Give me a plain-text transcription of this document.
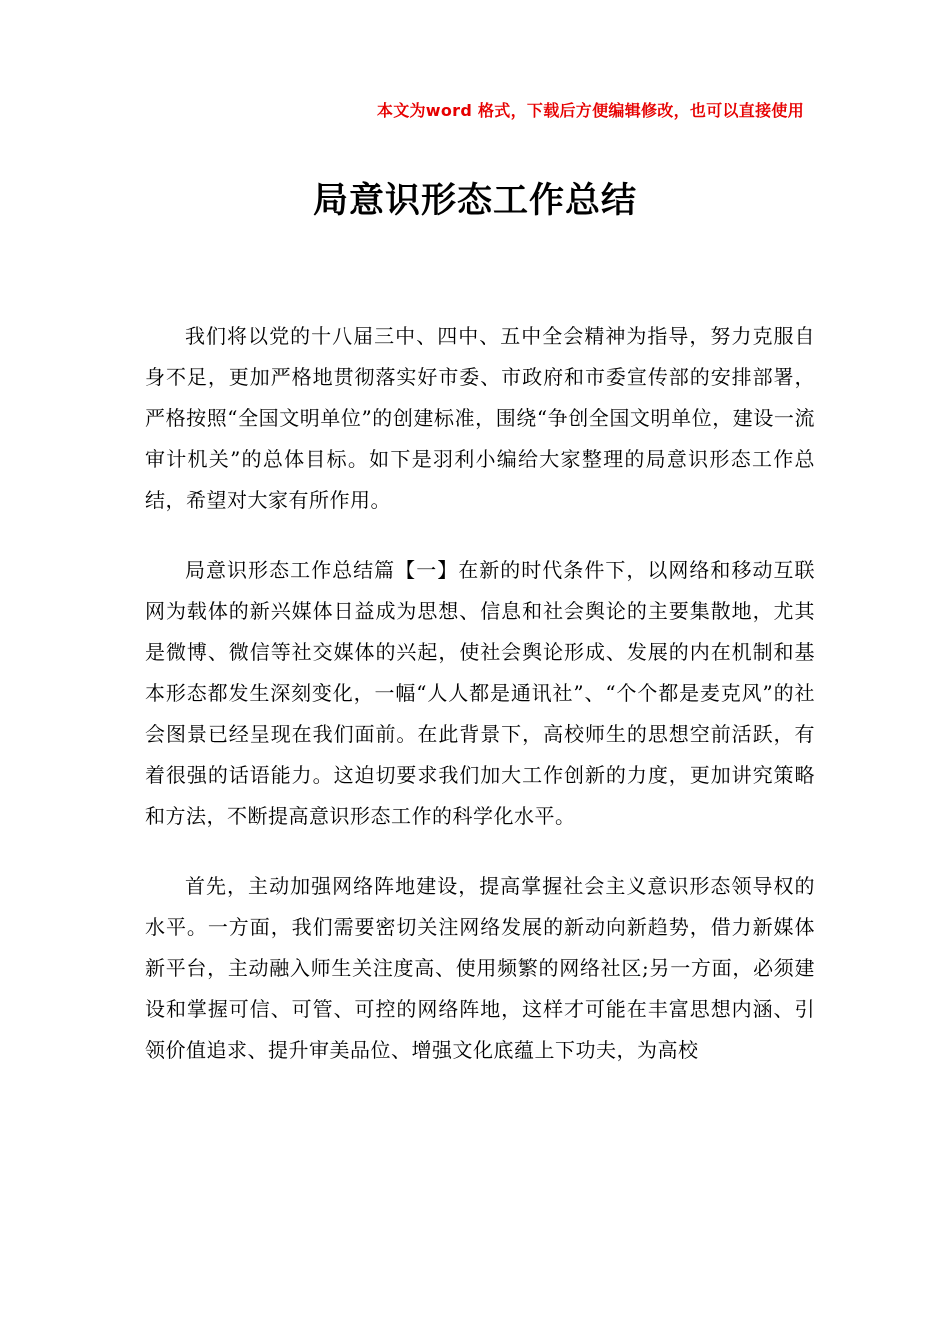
本文为word 格式，下载后方便编辑修改，也可以直接使用
局意识形态工作总结

我们将以党的十八届三中、四中、五中全会精神为指导，努力克服自身不足，更加严格地贯彻落实好市委、市政府和市委宣传部的安排部署，严格按照“全国文明单位”的创建标准，围绕“争创全国文明单位，建设一流审计机关”的总体目标。如下是羽利小编给大家整理的局意识形态工作总结，希望对大家有所作用。

局意识形态工作总结篇【一】在新的时代条件下，以网络和移动互联网为载体的新兴媒体日益成为思想、信息和社会舆论的主要集散地，尤其是微博、微信等社交媒体的兴起，使社会舆论形成、发展的内在机制和基本形态都发生深刻变化，一幅“人人都是通讯社”、“个个都是麦克风”的社会图景已经呈现在我们面前。在此背景下，高校师生的思想空前活跃，有着很强的话语能力。这迫切要求我们加大工作创新的力度，更加讲究策略和方法，不断提高意识形态工作的科学化水平。

首先，主动加强网络阵地建设，提高掌握社会主义意识形态领导权的水平。一方面，我们需要密切关注网络发展的新动向新趋势，借力新媒体新平台，主动融入师生关注度高、使用频繁的网络社区;另一方面，必须建设和掌握可信、可管、可控的网络阵地，这样才可能在丰富思想内涵、引领价值追求、提升审美品位、增强文化底蕴上下功夫，为高校
